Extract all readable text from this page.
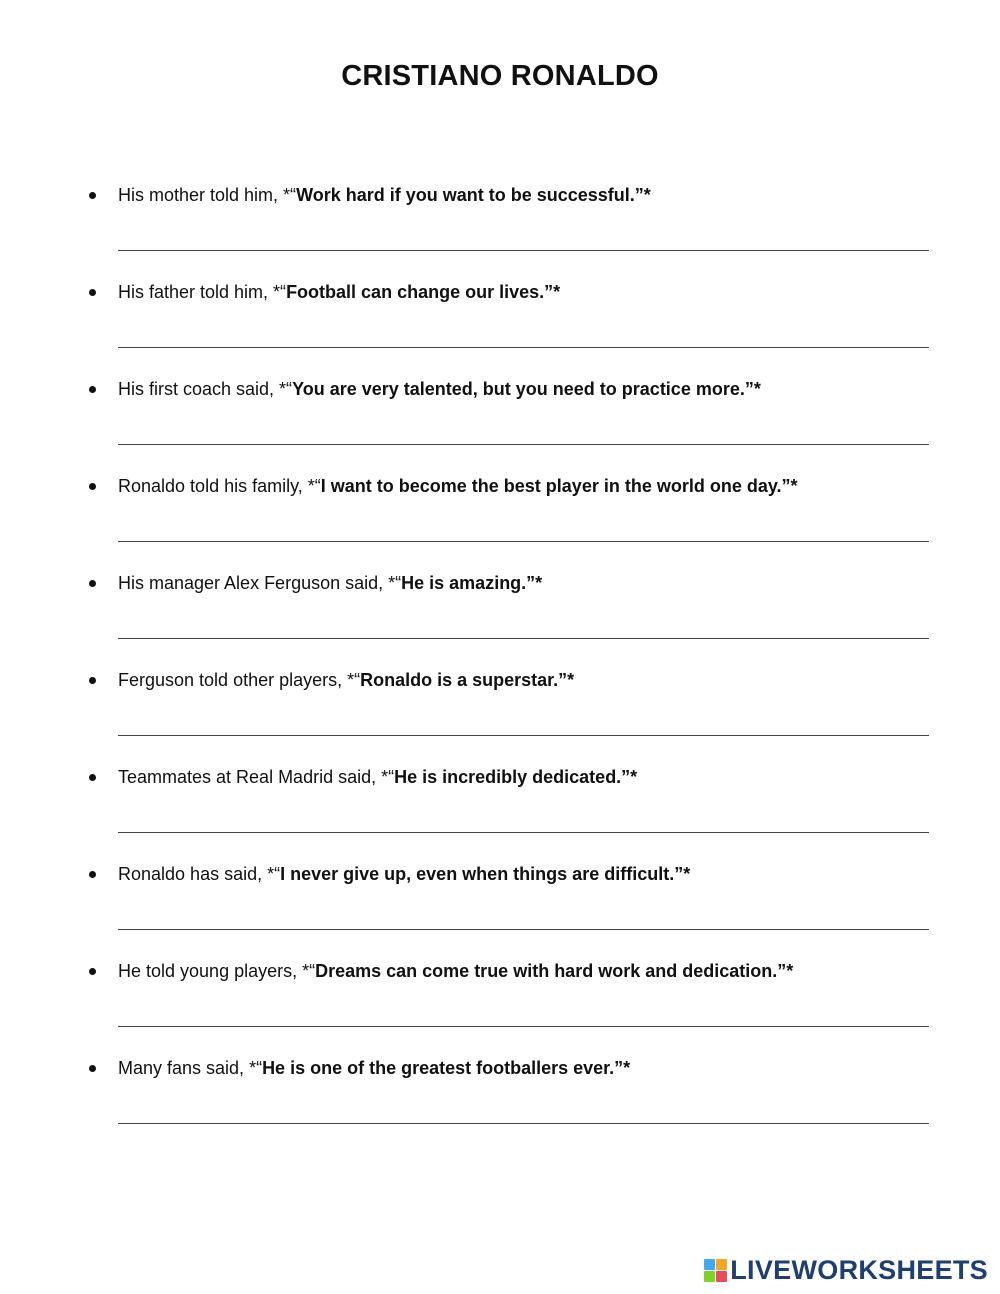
CRISTIANO RONALDO
His mother told him, *“Work hard if you want to be successful.”*
His father told him, *“Football can change our lives.”*
His first coach said, *“You are very talented, but you need to practice more.”*
Ronaldo told his family, *“I want to become the best player in the world one day.”*
His manager Alex Ferguson said, *“He is amazing.”*
Ferguson told other players, *“Ronaldo is a superstar.”*
Teammates at Real Madrid said, *“He is incredibly dedicated.”*
Ronaldo has said, *“I never give up, even when things are difficult.”*
He told young players, *“Dreams can come true with hard work and dedication.”*
Many fans said, *“He is one of the greatest footballers ever.”*
LIVEWORKSHEETS
